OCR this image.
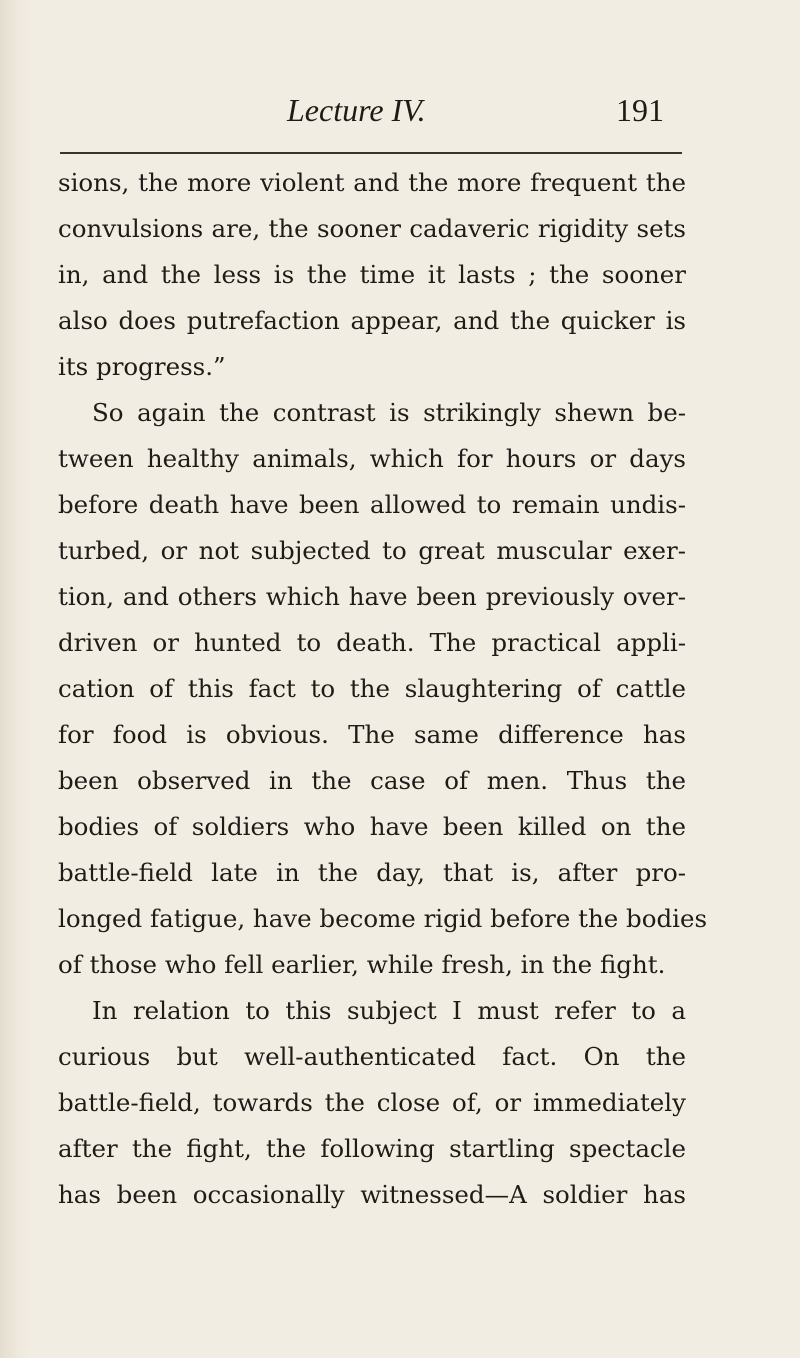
Lecture IV.	191
sions, the more violent and the more frequent the
convulsions are, the sooner cadaveric rigidity sets
in, and the less is the time it lasts ; the sooner
also does putrefaction appear, and the quicker is
its progress.”
So again the contrast is strikingly shewn be-
tween healthy animals, which for hours or days
before death have been allowed to remain undis-
turbed, or not subjected to great muscular exer-
tion, and others which have been previously over-
driven or hunted to death. The practical appli-
cation of this fact to the slaughtering of cattle
for food is obvious. The same difference has
been observed in the case of men. Thus the
bodies of soldiers who have been killed on the
battle-field late in the day, that is, after pro-
longed fatigue, have become rigid before the bodies
of those who fell earlier, while fresh, in the fight.
In relation to this subject I must refer to a
curious but well-authenticated fact. On the
battle-field, towards the close of, or immediately
after the fight, the following startling spectacle
has been occasionally witnessed—A soldier has
